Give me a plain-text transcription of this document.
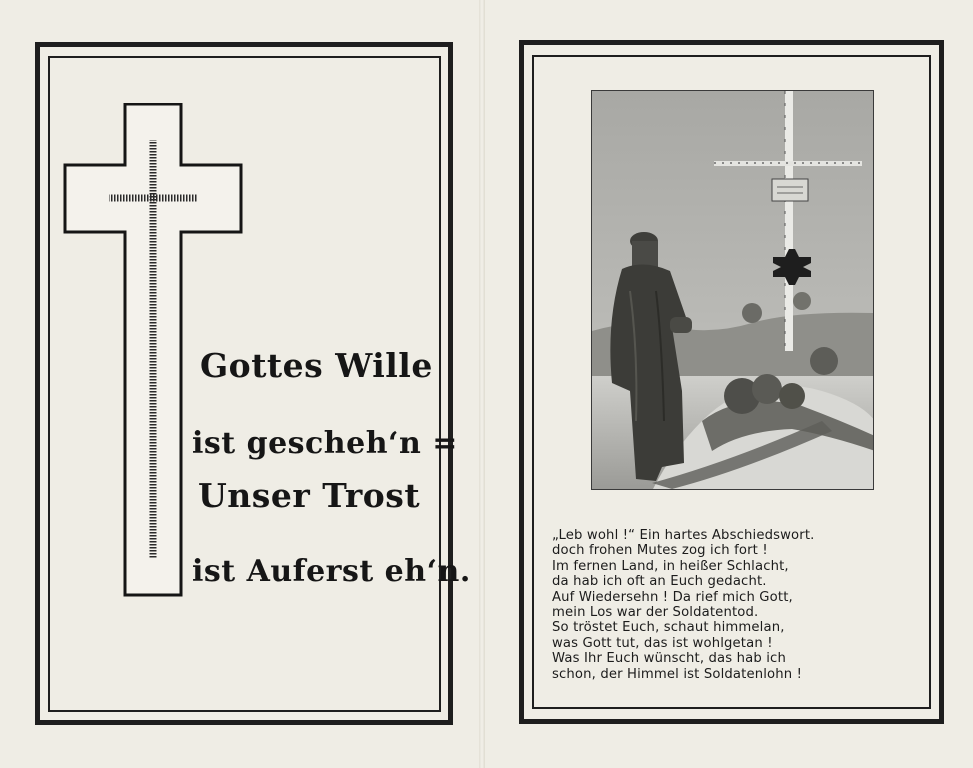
Gottes Wille
ist gescheh‘n =
Unser Trost
ist Auferst eh‘n.
„Leb wohl !“ Ein hartes Abschiedswort.
doch frohen Mutes zog ich fort !
Im fernen Land, in heißer Schlacht,
da hab ich oft an Euch gedacht.
Auf Wiedersehn ! Da rief mich Gott,
mein Los war der Soldatentod.
So tröstet Euch, schaut himmelan,
was Gott tut, das ist wohlgetan !
Was Ihr Euch wünscht, das hab ich
schon, der Himmel ist Soldatenlohn !
